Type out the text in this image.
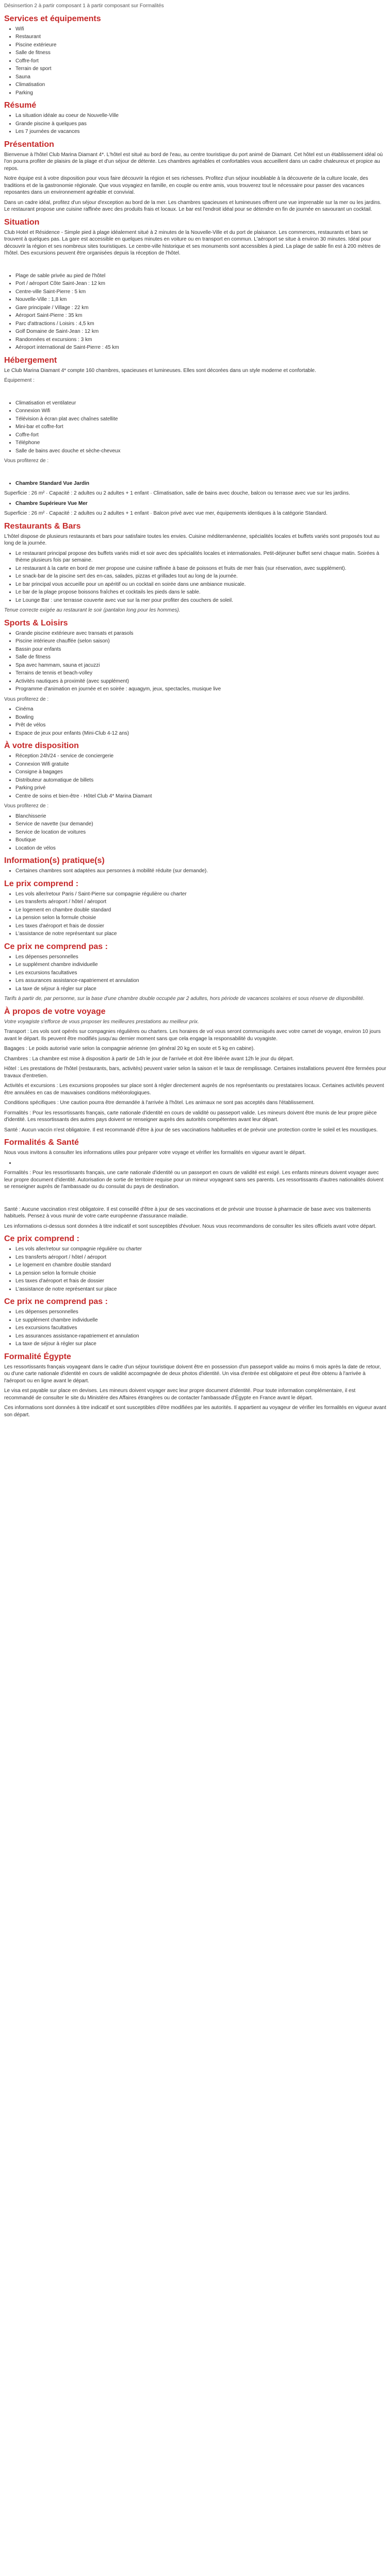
Désinsertion 2 à partir composant 1 à partir composant sur Formalités
Services et équipements
• Wifi
• Restaurant
• Piscine extérieure
• Salle de fitness
• Coffre-fort
• Terrain de sport
• Sauna
• Climatisation
• Parking
Résumé
• La situation idéale au coeur de Nouvelle-Ville
• Grande piscine à quelques pas
• Les 7 journées de vacances
Présentation

Bienvenue à l'hôtel Club Marina Diamant 4*. L'hôtel est situé au bord de l'eau, au centre touristique du port animé de Diamant. Cet hôtel est un établissement idéal où l'on pourra profiter de plaisirs de la plage et d'un séjour de détente. Les chambres agréables et confortables vous accueillent dans un cadre chaleureux et propice au repos.

Notre équipe est à votre disposition pour vous faire découvrir la région et ses richesses. Profitez d'un séjour inoubliable à la découverte de la culture locale, des traditions et de la gastronomie régionale. Que vous voyagiez en famille, en couple ou entre amis, vous trouverez tout le nécessaire pour passer des vacances reposantes dans un environnement agréable et convivial.

Dans un cadre idéal, profitez d'un séjour d'exception au bord de la mer. Les chambres spacieuses et lumineuses offrent une vue imprenable sur la mer ou les jardins. Le restaurant propose une cuisine raffinée avec des produits frais et locaux. Le bar est l'endroit idéal pour se détendre en fin de journée en savourant un cocktail.

Situation

Club Hotel et Résidence - Simple pied à plage idéalement situé à 2 minutes de la Nouvelle-Ville et du port de plaisance. Les commerces, restaurants et bars se trouvent à quelques pas. La gare est accessible en quelques minutes en voiture ou en transport en commun. L'aéroport se situe à environ 30 minutes. Idéal pour découvrir la région et ses nombreux sites touristiques. Le centre-ville historique et ses monuments sont accessibles à pied. La plage de sable fin est à 200 mètres de l'hôtel. Des excursions peuvent être organisées depuis la réception de l'hôtel.

• Plage de sable privée au pied de l'hôtel
• Port / aéroport Côte Saint-Jean : 12 km
• Centre-ville Saint-Pierre : 5 km
• Nouvelle-Ville : 1,8 km
• Gare principale / Village : 22 km
• Aéroport Saint-Pierre : 35 km
• Parc d'attractions / Loisirs : 4,5 km
• Golf Domaine de Saint-Jean : 12 km
• Randonnées et excursions : 3 km
• Aéroport international de Saint-Pierre : 45 km
Hébergement

Le Club Marina Diamant 4* compte 160 chambres, spacieuses et lumineuses. Elles sont décorées dans un style moderne et confortable.

Équipement :

• Climatisation et ventilateur
• Connexion Wifi
• Télévision à écran plat avec chaînes satellite
• Mini-bar et coffre-fort
• Coffre-fort
• Téléphone
• Salle de bains avec douche et sèche-cheveux

Vous profiterez de :

• Chambre Standard Vue Jardin

Superficie : 26 m² · Capacité : 2 adultes ou 2 adultes + 1 enfant · Climatisation, salle de bains avec douche, balcon ou terrasse avec vue sur les jardins.

• Chambre Supérieure Vue Mer

Superficie : 26 m² · Capacité : 2 adultes ou 2 adultes + 1 enfant · Balcon privé avec vue mer, équipements identiques à la catégorie Standard.

Restaurants & Bars

L'hôtel dispose de plusieurs restaurants et bars pour satisfaire toutes les envies. Cuisine méditerranéenne, spécialités locales et buffets variés sont proposés tout au long de la journée.

• Le restaurant principal propose des buffets variés midi et soir avec des spécialités locales et internationales. Petit-déjeuner buffet servi chaque matin. Soirées à thème plusieurs fois par semaine.
• Le restaurant à la carte en bord de mer propose une cuisine raffinée à base de poissons et fruits de mer frais (sur réservation, avec supplément).
• Le snack-bar de la piscine sert des en-cas, salades, pizzas et grillades tout au long de la journée.
• Le bar principal vous accueille pour un apéritif ou un cocktail en soirée dans une ambiance musicale.
• Le bar de la plage propose boissons fraîches et cocktails les pieds dans le sable.
• Le Lounge Bar : une terrasse couverte avec vue sur la mer pour profiter des couchers de soleil.

Tenue correcte exigée au restaurant le soir (pantalon long pour les hommes).

Sports & Loisirs
• Grande piscine extérieure avec transats et parasols
• Piscine intérieure chauffée (selon saison)
• Bassin pour enfants
• Salle de fitness
• Spa avec hammam, sauna et jacuzzi
• Terrains de tennis et beach-volley
• Activités nautiques à proximité (avec supplément)
• Programme d'animation en journée et en soirée : aquagym, jeux, spectacles, musique live

Vous profiterez de :

• Cinéma
• Bowling
• Prêt de vélos
• Espace de jeux pour enfants (Mini-Club 4-12 ans)
À votre disposition
• Réception 24h/24 - service de conciergerie
• Connexion Wifi gratuite
• Consigne à bagages
• Distributeur automatique de billets
• Parking privé
• Centre de soins et bien-être · Hôtel Club 4* Marina Diamant

Vous profiterez de :

• Blanchisserie
• Service de navette (sur demande)
• Service de location de voitures
• Boutique
• Location de vélos
Information(s) pratique(s)
• Certaines chambres sont adaptées aux personnes à mobilité réduite (sur demande).
Le prix comprend :
• Les vols aller/retour Paris / Saint-Pierre sur compagnie régulière ou charter
• Les transferts aéroport / hôtel / aéroport
• Le logement en chambre double standard
• La pension selon la formule choisie
• Les taxes d'aéroport et frais de dossier
• L'assistance de notre représentant sur place
Ce prix ne comprend pas :
• Les dépenses personnelles
• Le supplément chambre individuelle
• Les excursions facultatives
• Les assurances assistance-rapatriement et annulation
• La taxe de séjour à régler sur place

Tarifs à partir de, par personne, sur la base d'une chambre double occupée par 2 adultes, hors période de vacances scolaires et sous réserve de disponibilité.

À propos de votre voyage

Votre voyagiste s'efforce de vous proposer les meilleures prestations au meilleur prix.

Transport : Les vols sont opérés sur compagnies régulières ou charters. Les horaires de vol vous seront communiqués avec votre carnet de voyage, environ 10 jours avant le départ. Ils peuvent être modifiés jusqu'au dernier moment sans que cela engage la responsabilité du voyagiste.

Bagages : Le poids autorisé varie selon la compagnie aérienne (en général 20 kg en soute et 5 kg en cabine).

Chambres : La chambre est mise à disposition à partir de 14h le jour de l'arrivée et doit être libérée avant 12h le jour du départ.

Hôtel : Les prestations de l'hôtel (restaurants, bars, activités) peuvent varier selon la saison et le taux de remplissage. Certaines installations peuvent être fermées pour travaux d'entretien.

Activités et excursions : Les excursions proposées sur place sont à régler directement auprès de nos représentants ou prestataires locaux. Certaines activités peuvent être annulées en cas de mauvaises conditions météorologiques.

Conditions spécifiques : Une caution pourra être demandée à l'arrivée à l'hôtel. Les animaux ne sont pas acceptés dans l'établissement.

Formalités : Pour les ressortissants français, carte nationale d'identité en cours de validité ou passeport valide. Les mineurs doivent être munis de leur propre pièce d'identité. Les ressortissants des autres pays doivent se renseigner auprès des autorités compétentes avant leur départ.

Santé : Aucun vaccin n'est obligatoire. Il est recommandé d'être à jour de ses vaccinations habituelles et de prévoir une protection contre le soleil et les moustiques.

Formalités & Santé

Nous vous invitons à consulter les informations utiles pour préparer votre voyage et vérifier les formalités en vigueur avant le départ.

•

Formalités : Pour les ressortissants français, une carte nationale d'identité ou un passeport en cours de validité est exigé. Les enfants mineurs doivent voyager avec leur propre document d'identité. Autorisation de sortie de territoire requise pour un mineur voyageant sans ses parents. Les ressortissants d'autres nationalités doivent se renseigner auprès de l'ambassade ou du consulat du pays de destination.

Santé : Aucune vaccination n'est obligatoire. Il est conseillé d'être à jour de ses vaccinations et de prévoir une trousse à pharmacie de base avec vos traitements habituels. Pensez à vous munir de votre carte européenne d'assurance maladie.

Les informations ci-dessus sont données à titre indicatif et sont susceptibles d'évoluer. Nous vous recommandons de consulter les sites officiels avant votre départ.

Ce prix comprend :
• Les vols aller/retour sur compagnie régulière ou charter
• Les transferts aéroport / hôtel / aéroport
• Le logement en chambre double standard
• La pension selon la formule choisie
• Les taxes d'aéroport et frais de dossier
• L'assistance de notre représentant sur place
Ce prix ne comprend pas :
• Les dépenses personnelles
• Le supplément chambre individuelle
• Les excursions facultatives
• Les assurances assistance-rapatriement et annulation
• La taxe de séjour à régler sur place
Formalité Égypte

Les ressortissants français voyageant dans le cadre d'un séjour touristique doivent être en possession d'un passeport valide au moins 6 mois après la date de retour, ou d'une carte nationale d'identité en cours de validité accompagnée de deux photos d'identité. Un visa d'entrée est obligatoire et peut être obtenu à l'arrivée à l'aéroport ou en ligne avant le départ.

Le visa est payable sur place en devises. Les mineurs doivent voyager avec leur propre document d'identité. Pour toute information complémentaire, il est recommandé de consulter le site du Ministère des Affaires étrangères ou de contacter l'ambassade d'Égypte en France avant le départ.

Ces informations sont données à titre indicatif et sont susceptibles d'être modifiées par les autorités. Il appartient au voyageur de vérifier les formalités en vigueur avant son départ.
